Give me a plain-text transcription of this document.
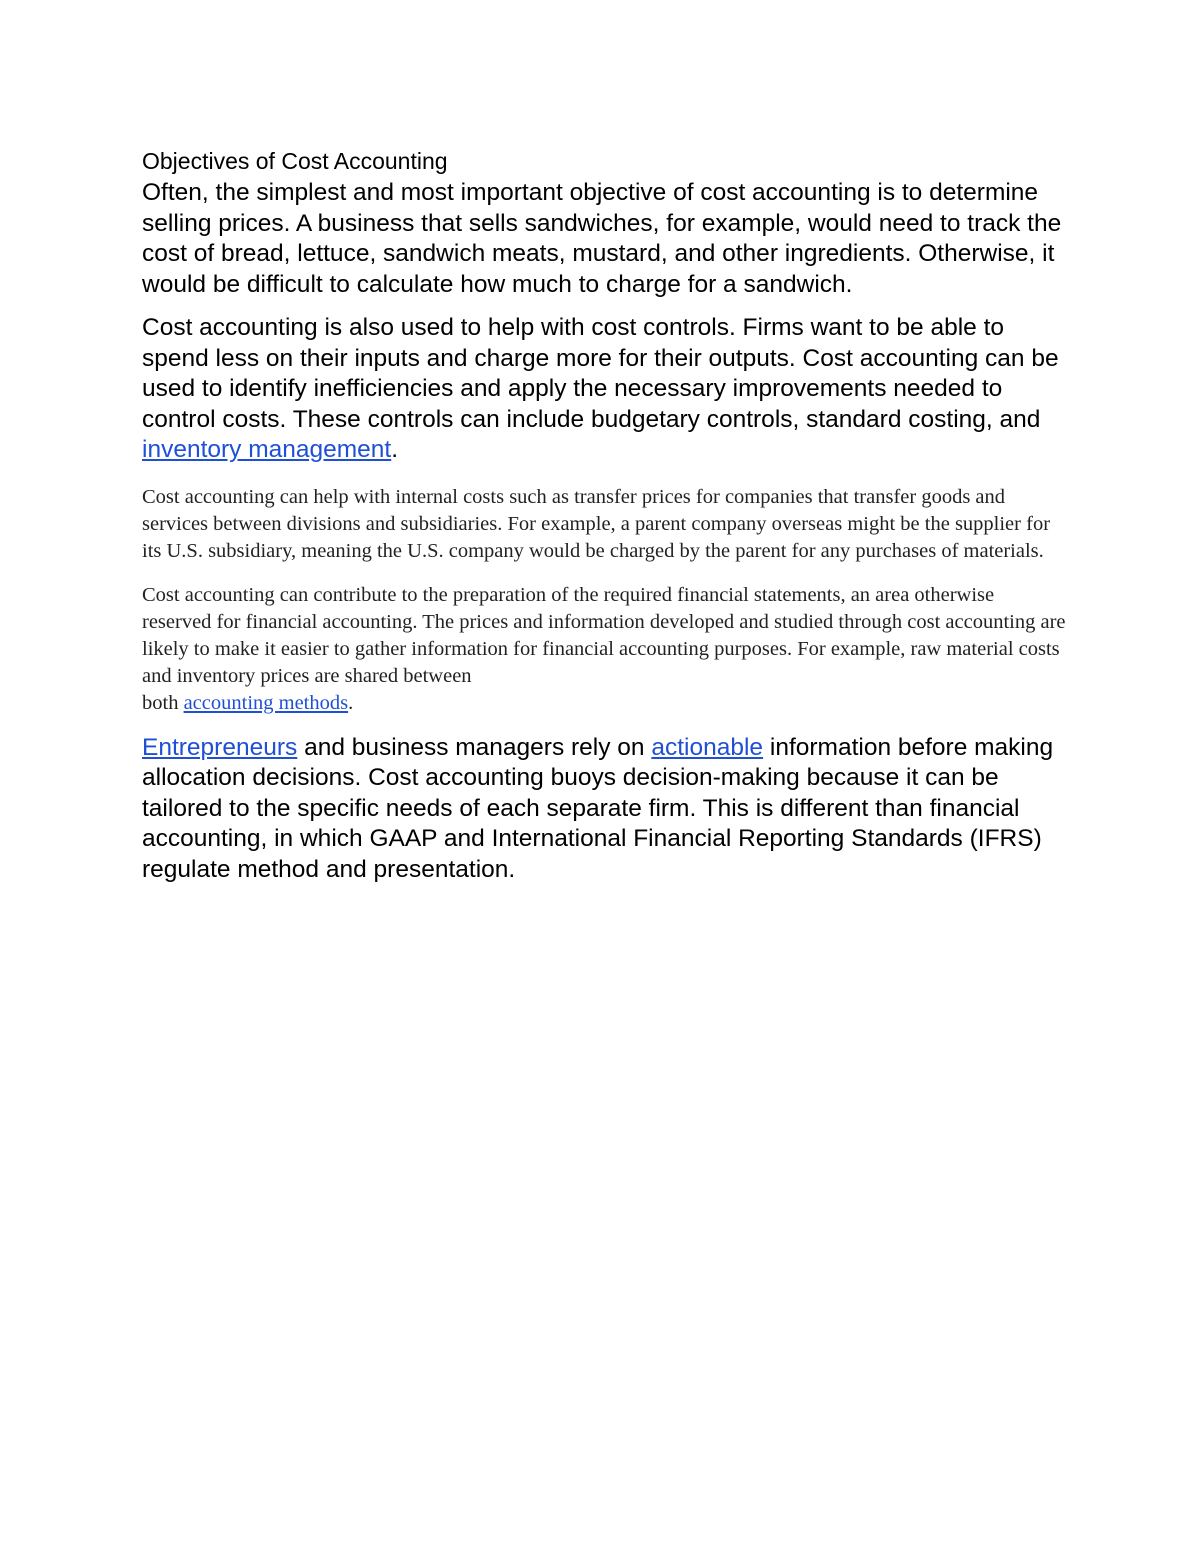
Objectives of Cost Accounting

Often, the simplest and most important objective of cost accounting is to determine selling prices. A business that sells sandwiches, for example, would need to track the cost of bread, lettuce, sandwich meats, mustard, and other ingredients. Otherwise, it would be difficult to calculate how much to charge for a sandwich.

Cost accounting is also used to help with cost controls. Firms want to be able to spend less on their inputs and charge more for their outputs. Cost accounting can be used to identify inefficiencies and apply the necessary improvements needed to control costs. These controls can include budgetary controls, standard costing, and inventory management.

Cost accounting can help with internal costs such as transfer prices for companies that transfer goods and services between divisions and subsidiaries. For example, a parent company overseas might be the supplier for its U.S. subsidiary, meaning the U.S. company would be charged by the parent for any purchases of materials.

Cost accounting can contribute to the preparation of the required financial statements, an area otherwise reserved for financial accounting. The prices and information developed and studied through cost accounting are likely to make it easier to gather information for financial accounting purposes. For example, raw material costs and inventory prices are shared between
both accounting methods.

Entrepreneurs and business managers rely on actionable information before making allocation decisions. Cost accounting buoys decision-making because it can be tailored to the specific needs of each separate firm. This is different than financial accounting, in which GAAP and International Financial Reporting Standards (IFRS) regulate method and presentation.
